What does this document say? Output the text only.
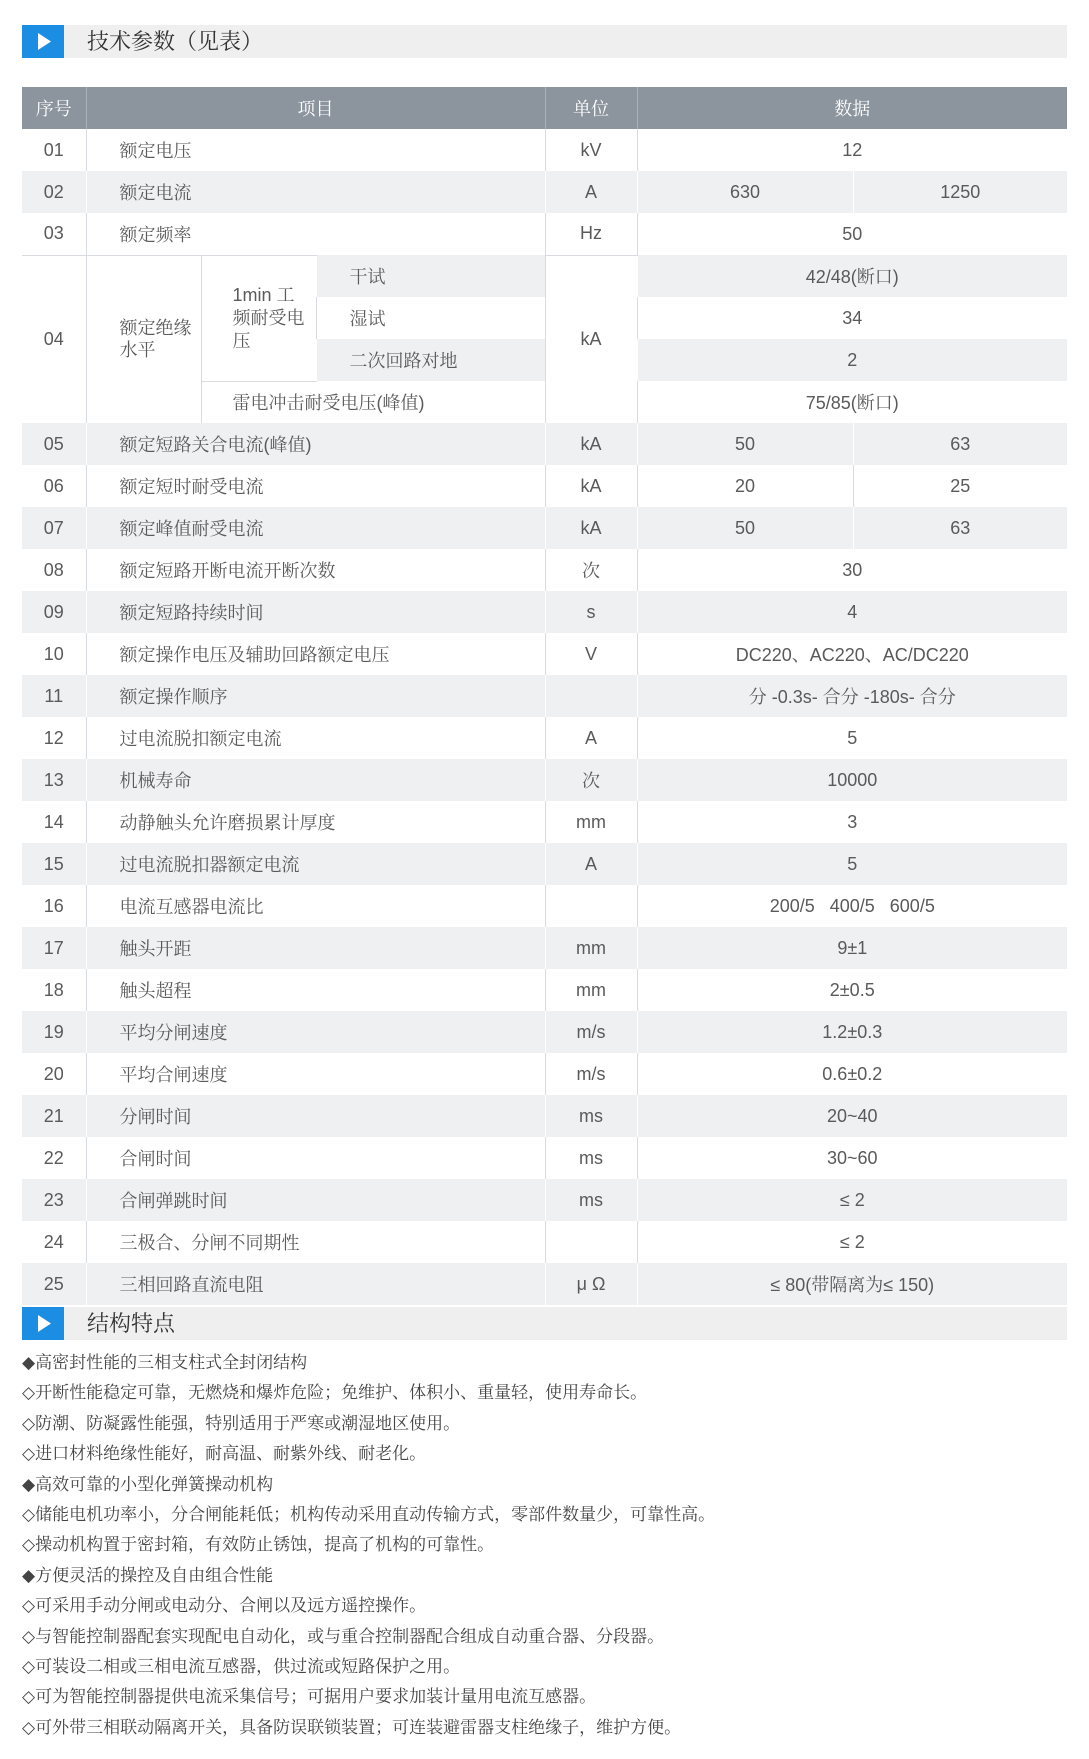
技术参数（见表）
序号	项目			单位	数据	
01	额定电压			kV	12	
02	额定电流			A	630	1250
03	额定频率			Hz	50	
04	额定绝缘水平	1min 工频耐受电压	干试	kA	42/48(断口)	
			湿试		34	
			二次回路对地		2	
		雷电冲击耐受电压(峰值)			75/85(断口)	
05	额定短路关合电流(峰值)			kA	50	63
06	额定短时耐受电流			kA	20	25
07	额定峰值耐受电流			kA	50	63
08	额定短路开断电流开断次数			次	30	
09	额定短路持续时间			s	4	
10	额定操作电压及辅助回路额定电压			V	DC220、AC220、AC/DC220	
11	额定操作顺序				分 -0.3s- 合分 -180s- 合分	
12	过电流脱扣额定电流			A	5	
13	机械寿命			次	10000	
14	动静触头允许磨损累计厚度			mm	3	
15	过电流脱扣器额定电流			A	5	
16	电流互感器电流比				200/5   400/5   600/5	
17	触头开距			mm	9±1	
18	触头超程			mm	2±0.5	
19	平均分闸速度			m/s	1.2±0.3	
20	平均合闸速度			m/s	0.6±0.2	
21	分闸时间			ms	20~40	
22	合闸时间			ms	30~60	
23	合闸弹跳时间			ms	≤ 2	
24	三极合、分闸不同期性				≤ 2	
25	三相回路直流电阻			μ Ω	≤ 80(带隔离为≤ 150)	
结构特点
◆高密封性能的三相支柱式全封闭结构
◇开断性能稳定可靠，无燃烧和爆炸危险；免维护、体积小、重量轻，使用寿命长。
◇防潮、防凝露性能强，特别适用于严寒或潮湿地区使用。
◇进口材料绝缘性能好，耐高温、耐紫外线、耐老化。
◆高效可靠的小型化弹簧操动机构
◇储能电机功率小，分合闸能耗低；机构传动采用直动传输方式，零部件数量少，可靠性高。
◇操动机构置于密封箱，有效防止锈蚀，提高了机构的可靠性。
◆方便灵活的操控及自由组合性能
◇可采用手动分闸或电动分、合闸以及远方遥控操作。
◇与智能控制器配套实现配电自动化，或与重合控制器配合组成自动重合器、分段器。
◇可装设二相或三相电流互感器，供过流或短路保护之用。
◇可为智能控制器提供电流采集信号；可据用户要求加装计量用电流互感器。
◇可外带三相联动隔离开关，具备防误联锁装置；可连装避雷器支柱绝缘子，维护方便。
